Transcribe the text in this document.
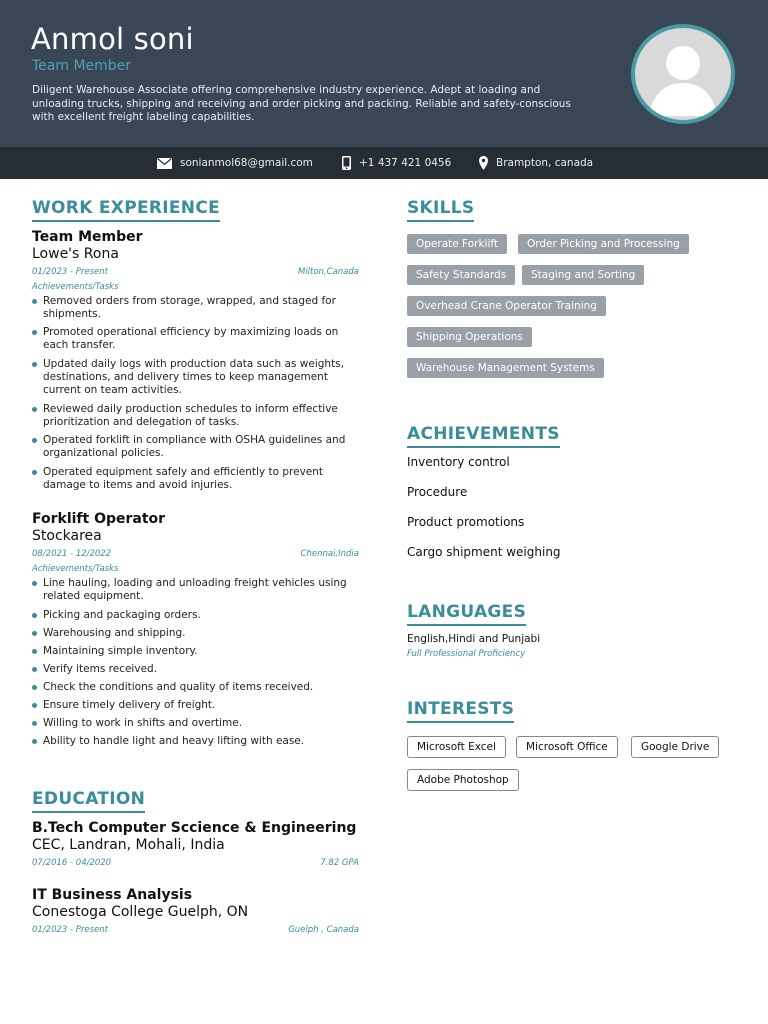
Anmol soni
Team Member
Diligent Warehouse Associate offering comprehensive industry experience. Adept at loading and unloading trucks, shipping and receiving and order picking and packing. Reliable and safety-conscious with excellent freight labeling capabilities.
sonianmol68@gmail.com	+1 437 421 0456	Brampton, canada
WORK EXPERIENCE
Team Member
Lowe's Rona
01/2023 - Present	Milton,Canada
Achievements/Tasks
Removed orders from storage, wrapped, and staged for shipments.
Promoted operational efficiency by maximizing loads on each transfer.
Updated daily logs with production data such as weights, destinations, and delivery times to keep management current on team activities.
Reviewed daily production schedules to inform effective prioritization and delegation of tasks.
Operated forklift in compliance with OSHA guidelines and organizational policies.
Operated equipment safely and efficiently to prevent damage to items and avoid injuries.
Forklift Operator
Stockarea
08/2021 - 12/2022	Chennai,India
Achievements/Tasks
Line hauling, loading and unloading freight vehicles using related equipment.
Picking and packaging orders.
Warehousing and shipping.
Maintaining simple inventory.
Verify items received.
Check the conditions and quality of items received.
Ensure timely delivery of freight.
Willing to work in shifts and overtime.
Ability to handle light and heavy lifting with ease.
EDUCATION
B.Tech Computer Sccience & Engineering
CEC, Landran, Mohali, India
07/2016 - 04/2020	7.82 GPA
IT Business Analysis
Conestoga College Guelph, ON
01/2023 - Present	Guelph , Canada
SKILLS
Operate Forklift	Order Picking and Processing
Safety Standards	Staging and Sorting
Overhead Crane Operator Training
Shipping Operations
Warehouse Management Systems
ACHIEVEMENTS
Inventory control
Procedure
Product promotions
Cargo shipment weighing
LANGUAGES
English,Hindi and Punjabi
Full Professional Proficiency
INTERESTS
Microsoft Excel	Microsoft Office	Google Drive
Adobe Photoshop
